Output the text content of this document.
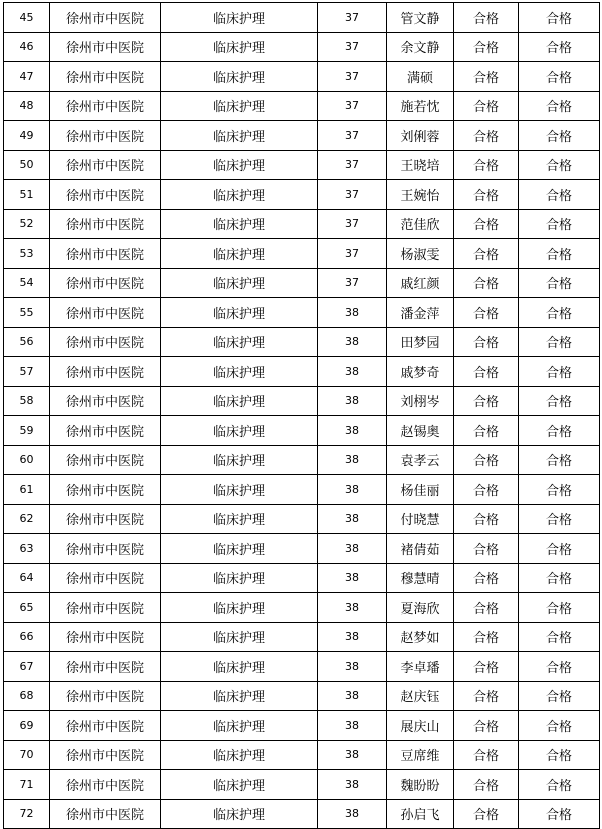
45	徐州市中医院	临床护理	37	管文静	合格	合格
46	徐州市中医院	临床护理	37	余文静	合格	合格
47	徐州市中医院	临床护理	37	满硕	合格	合格
48	徐州市中医院	临床护理	37	施若忱	合格	合格
49	徐州市中医院	临床护理	37	刘俐蓉	合格	合格
50	徐州市中医院	临床护理	37	王晓培	合格	合格
51	徐州市中医院	临床护理	37	王婉怡	合格	合格
52	徐州市中医院	临床护理	37	范佳欣	合格	合格
53	徐州市中医院	临床护理	37	杨淑雯	合格	合格
54	徐州市中医院	临床护理	37	戚红颜	合格	合格
55	徐州市中医院	临床护理	38	潘金萍	合格	合格
56	徐州市中医院	临床护理	38	田梦园	合格	合格
57	徐州市中医院	临床护理	38	戚梦奇	合格	合格
58	徐州市中医院	临床护理	38	刘栩岑	合格	合格
59	徐州市中医院	临床护理	38	赵锡奥	合格	合格
60	徐州市中医院	临床护理	38	袁孝云	合格	合格
61	徐州市中医院	临床护理	38	杨佳丽	合格	合格
62	徐州市中医院	临床护理	38	付晓慧	合格	合格
63	徐州市中医院	临床护理	38	褚倩茹	合格	合格
64	徐州市中医院	临床护理	38	穆慧晴	合格	合格
65	徐州市中医院	临床护理	38	夏海欣	合格	合格
66	徐州市中医院	临床护理	38	赵梦如	合格	合格
67	徐州市中医院	临床护理	38	李卓璠	合格	合格
68	徐州市中医院	临床护理	38	赵庆钰	合格	合格
69	徐州市中医院	临床护理	38	展庆山	合格	合格
70	徐州市中医院	临床护理	38	豆席维	合格	合格
71	徐州市中医院	临床护理	38	魏盼盼	合格	合格
72	徐州市中医院	临床护理	38	孙启飞	合格	合格
